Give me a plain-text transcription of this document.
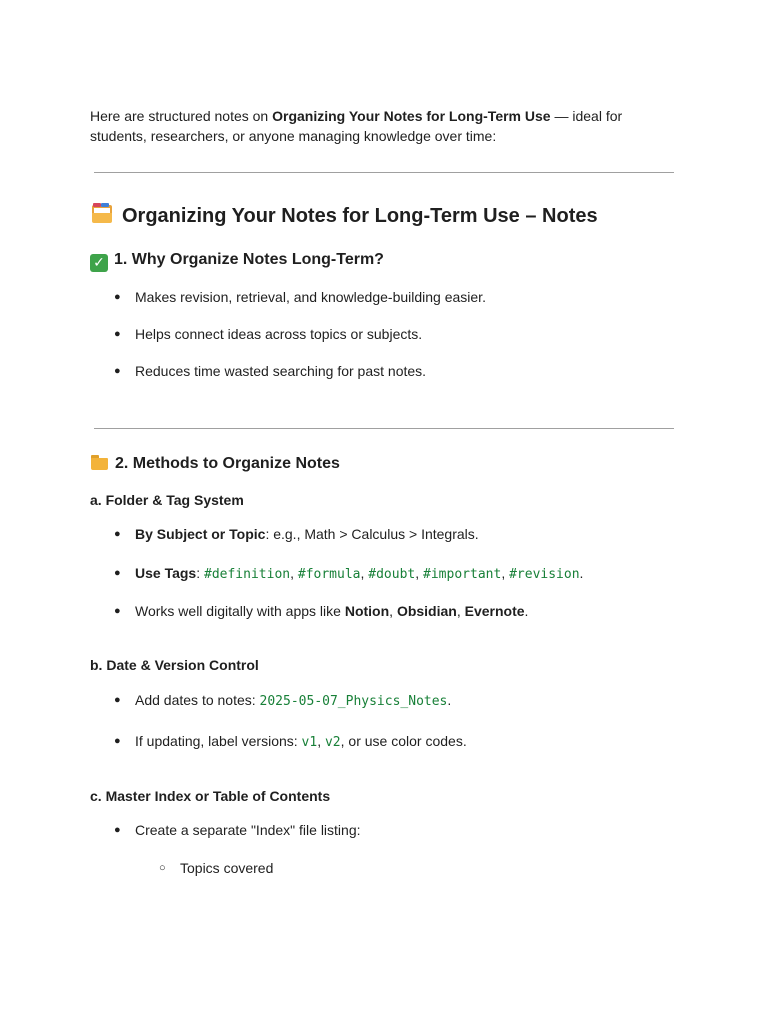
Here are structured notes on Organizing Your Notes for Long-Term Use — ideal for students, researchers, or anyone managing knowledge over time:
Organizing Your Notes for Long-Term Use – Notes
✓ 1. Why Organize Notes Long-Term?
●	Makes revision, retrieval, and knowledge-building easier.
●	Helps connect ideas across topics or subjects.
●	Reduces time wasted searching for past notes.
2. Methods to Organize Notes
a. Folder & Tag System
●	By Subject or Topic: e.g., Math > Calculus > Integrals.
●	Use Tags: #definition, #formula, #doubt, #important, #revision.
●	Works well digitally with apps like Notion, Obsidian, Evernote.
b. Date & Version Control
●	Add dates to notes: 2025-05-07_Physics_Notes.
●	If updating, label versions: v1, v2, or use color codes.
c. Master Index or Table of Contents
●	Create a separate "Index" file listing:
○ Topics covered
